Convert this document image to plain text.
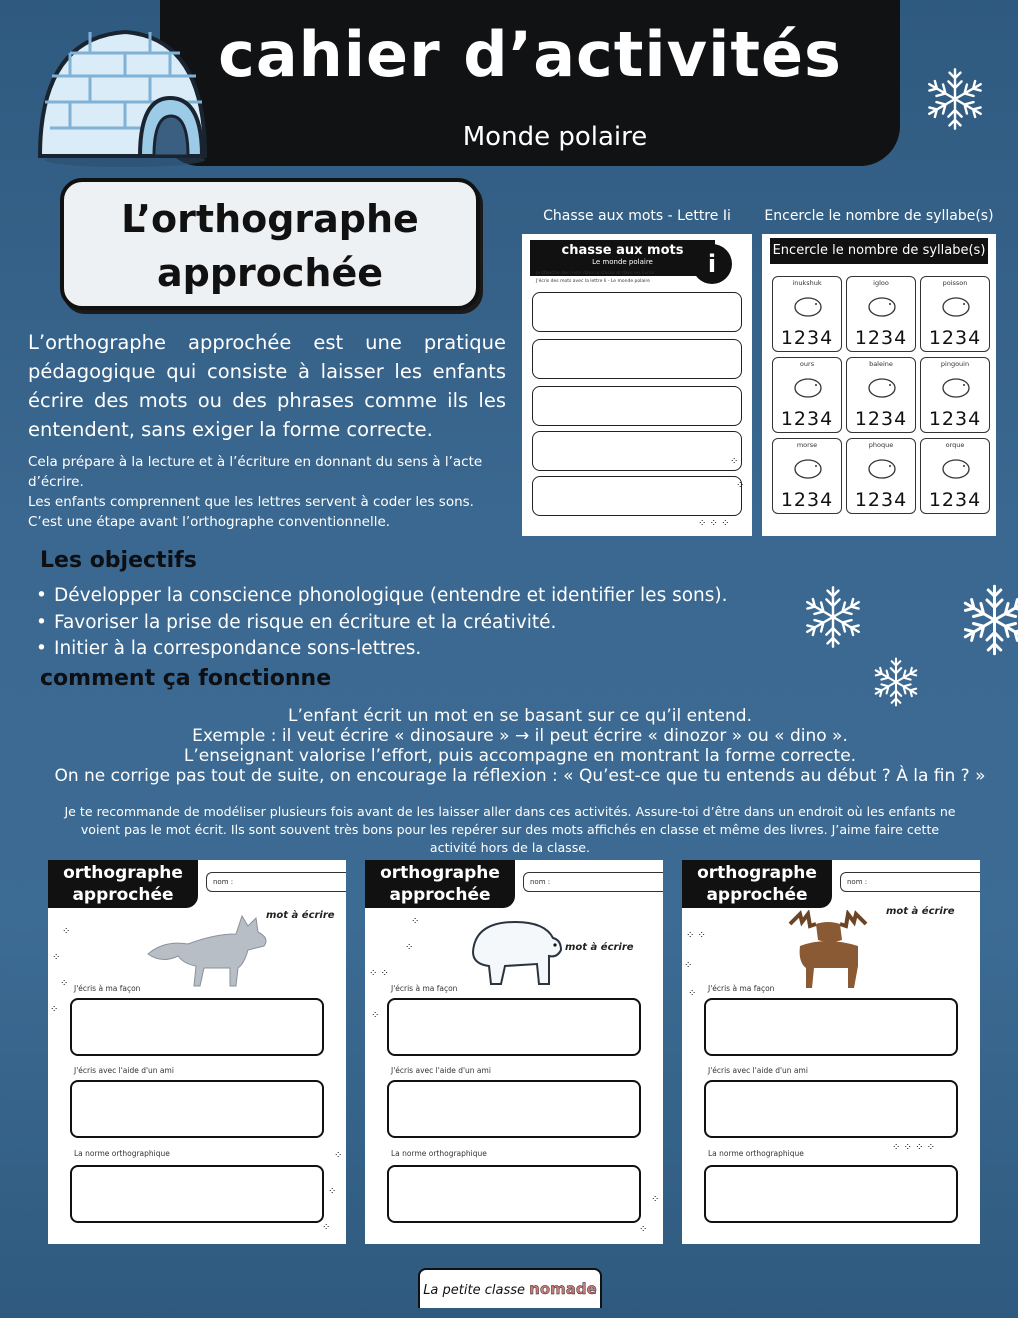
cahier d’activités
Monde polaire
L’orthographe
approchée
L’orthographe approchée est une pratique pédagogique qui consiste à laisser les enfants écrire des mots ou des phrases comme ils les entendent, sans exiger la forme correcte.

Cela prépare à la lecture et à l’écriture en donnant du sens à l’acte d’écrire.

Les enfants comprennent que les lettres servent à coder les sons.

C’est une étape avant l’orthographe conventionnelle.

Chasse aux mots - Lettre Ii
chasse aux mots
Le monde polaire
Je cherche des mots dans la classe et dans les livres
J'écris des mots avec la lettre Ii - Le monde polaire
⁘
⁘
⁘ ⁘ ⁘
i
Encercle le nombre de syllabe(s)
Encercle le nombre de syllabe(s)
inukshuk
1234
igloo
1234
poisson
1234
ours
1234
baleine
1234
pingouin
1234
morse
1234
phoque
1234
orque
1234
Les objectifs
• Développer la conscience phonologique (entendre et identifier les sons).
• Favoriser la prise de risque en écriture et la créativité.
• Initier à la correspondance sons-lettres.
comment ça fonctionne
L’enfant écrit un mot en se basant sur ce qu’il entend.
Exemple : il veut écrire « dinosaure » → il peut écrire « dinozor » ou « dino ».
L’enseignant valorise l’effort, puis accompagne en montrant la forme correcte.
On ne corrige pas tout de suite, on encourage la réflexion : « Qu’est-ce que tu entends au début ? À la fin ? »
Je te recommande de modéliser plusieurs fois avant de les laisser aller dans ces activités. Assure-toi d’être dans un endroit où les enfants ne voient pas le mot écrit. Ils sont souvent très bons pour les repérer sur des mots affichés en classe et même des livres. J’aime faire cette activité hors de la classe.
orthographe
approchée
nom :
mot à écrire
J'écris à ma façon
J'écris avec l'aide d'un ami
La norme orthographique
⁘
⁘
⁘
⁘
⁘
⁘
⁘
orthographe
approchée
nom :
mot à écrire
J'écris à ma façon
J'écris avec l'aide d'un ami
La norme orthographique
⁘
⁘
⁘ ⁘
⁘
⁘
⁘
orthographe
approchée
nom :
mot à écrire
J'écris à ma façon
J'écris avec l'aide d'un ami
La norme orthographique
⁘ ⁘
⁘
⁘
⁘ ⁘ ⁘ ⁘
La petite classe nomade
